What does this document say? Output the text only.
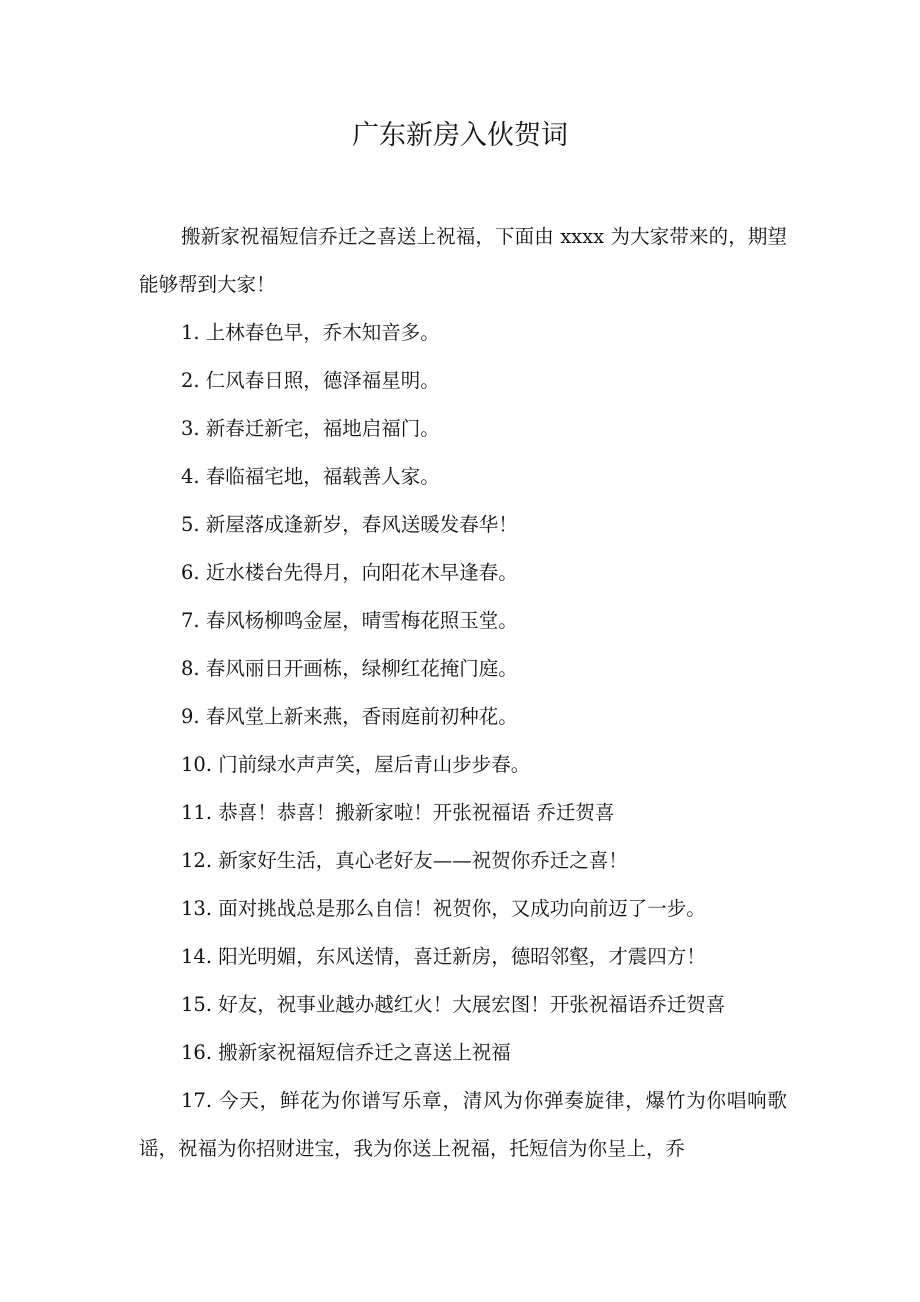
广东新房入伙贺词

搬新家祝福短信乔迁之喜送上祝福，下面由 xxxx 为大家带来的，期望能够帮到大家！

1. 上林春色早，乔木知音多。

2. 仁风春日照，德泽福星明。

3. 新春迁新宅，福地启福门。

4. 春临福宅地，福载善人家。

5. 新屋落成逢新岁，春风送暖发春华！

6. 近水楼台先得月，向阳花木早逢春。

7. 春风杨柳鸣金屋，晴雪梅花照玉堂。

8. 春风丽日开画栋，绿柳红花掩门庭。

9. 春风堂上新来燕，香雨庭前初种花。

10. 门前绿水声声笑，屋后青山步步春。

11. 恭喜！恭喜！搬新家啦！开张祝福语 乔迁贺喜

12. 新家好生活，真心老好友——祝贺你乔迁之喜！

13. 面对挑战总是那么自信！祝贺你，又成功向前迈了一步。

14. 阳光明媚，东风送情，喜迁新房，德昭邻壑，才震四方！

15. 好友，祝事业越办越红火！大展宏图！开张祝福语乔迁贺喜

16. 搬新家祝福短信乔迁之喜送上祝福

17. 今天，鲜花为你谱写乐章，清风为你弹奏旋律，爆竹为你唱响歌谣，祝福为你招财进宝，我为你送上祝福，托短信为你呈上，乔
